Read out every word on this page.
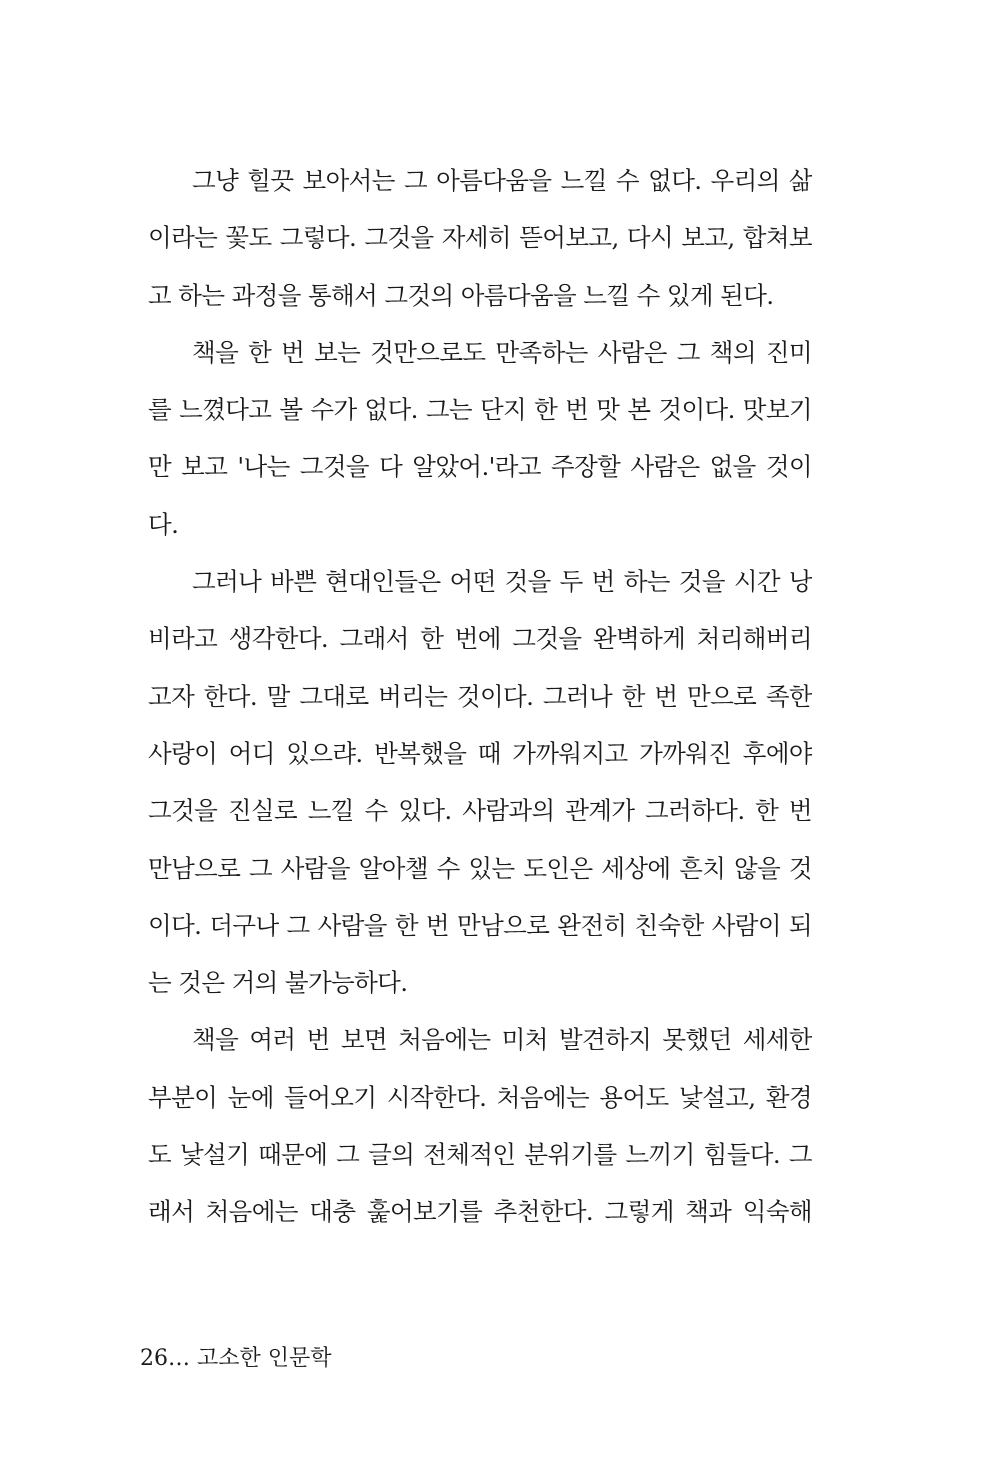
그냥 힐끗 보아서는 그 아름다움을 느낄 수 없다. 우리의 삶
이라는 꽃도 그렇다. 그것을 자세히 뜯어보고, 다시 보고, 합쳐보
고 하는 과정을 통해서 그것의 아름다움을 느낄 수 있게 된다.
책을 한 번 보는 것만으로도 만족하는 사람은 그 책의 진미
를 느꼈다고 볼 수가 없다. 그는 단지 한 번 맛 본 것이다. 맛보기
만 보고 '나는 그것을 다 알았어.'라고 주장할 사람은 없을 것이
다.
그러나 바쁜 현대인들은 어떤 것을 두 번 하는 것을 시간 낭
비라고 생각한다. 그래서 한 번에 그것을 완벽하게 처리해버리
고자 한다. 말 그대로 버리는 것이다. 그러나 한 번 만으로 족한
사랑이 어디 있으랴. 반복했을 때 가까워지고 가까워진 후에야
그것을 진실로 느낄 수 있다. 사람과의 관계가 그러하다. 한 번
만남으로 그 사람을 알아챌 수 있는 도인은 세상에 흔치 않을 것
이다. 더구나 그 사람을 한 번 만남으로 완전히 친숙한 사람이 되
는 것은 거의 불가능하다.
책을 여러 번 보면 처음에는 미처 발견하지 못했던 세세한
부분이 눈에 들어오기 시작한다. 처음에는 용어도 낯설고, 환경
도 낯설기 때문에 그 글의 전체적인 분위기를 느끼기 힘들다. 그
래서 처음에는 대충 훑어보기를 추천한다. 그렇게 책과 익숙해
26… 고소한 인문학
